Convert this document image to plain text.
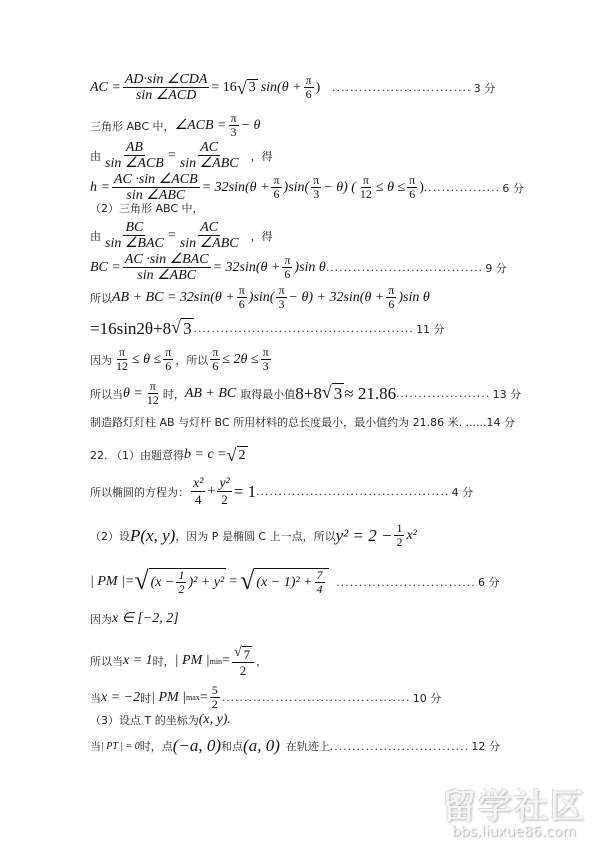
AC = $\frac{\text{AD·sin ∠CDA}}{\text{sin ∠ACD}} = 16$ √ 3 $\sin(\theta + \frac{\pi}{6}$ ) ............................... 3 分
三角形 ABC 中， ∠ACB = $\frac{\pi}{3} - \theta$
由 $\frac{AB}{\text{sin ∠ACB}} = \frac{AC}{\text{sin ∠ABC}}$ ，得
$h = \frac{\text{AC ·sin ∠ACB}}{\text{sin ∠ABC}} = 32\sin(\theta + \frac{\pi}{6} )\sin( \frac{\pi}{3} - \theta)$ ( $\frac{\pi}{12} \le \theta \le \frac{\pi}{6}$ ) ................. 6 分
（2）三角形 ABC 中，
由 $\frac{BC}{\text{sin ∠BAC}} = \frac{AC}{\text{sin ∠ABC}}$ ，得
BC = $\frac{\text{AC ·sin ∠BAC}}{\text{sin ∠ABC}} = 32\sin(\theta + \frac{\pi}{6} )\sin$ θ ................................... 9 分
所以 AB + BC = $32\sin(\theta + \frac{\pi}{6} )\sin( \frac{\pi}{3} - \theta) + 32\sin(\theta + \frac{\pi}{6} )\sin$ θ
=16sin2θ+8 √ 3 ................................................. 11 分
因为 $\frac{\pi}{12} \le \theta \le \frac{\pi}{6}$ ，所以 $\frac{\pi}{6} \le 2\theta \le \frac{\pi}{3}$
所以当 $\theta = \frac{\pi}{12}$ 时， AB + BC 取得最小值 8+8 √ 3 ≈ 21.86 ..................... 13 分
制造路灯灯柱 AB 与灯杆 BC 所用材料的总长度最小，最小值约为 21.86 米. ......14 分
22. （1）由题意得 b = c = √ 2
所以椭圆的方程为： $\frac{\text{x²}}{4} + \frac{\text{y²}}{2} = 1$ ........................................... 4 分
（2）设 P(x, y) ，因为 P 是椭圆 C 上一点，所以 $y^2 = 2 - \frac{1}{2} x^2$
| PM |= √ $(x - \frac{1}{2} )^2 + y^2$ = √ $(x - 1)^2 + \frac{7}{4}$ ............................... 6 分
因为 x ∈ [−2, 2]
所以当 x = 1 时， | PM | $\min = \frac{√ 7}{2}$ ，
当 x = −2 时 | PM | $\max = \frac{5}{2}$ .......................................... 10 分
（3）设点 T 的坐标为 (x, y).
当 | PT | = 0 时，点 (−a, 0) 和点 (a, 0) 在轨迹上 ............................... 12 分
留学社区
bbs.liuxue86.com
